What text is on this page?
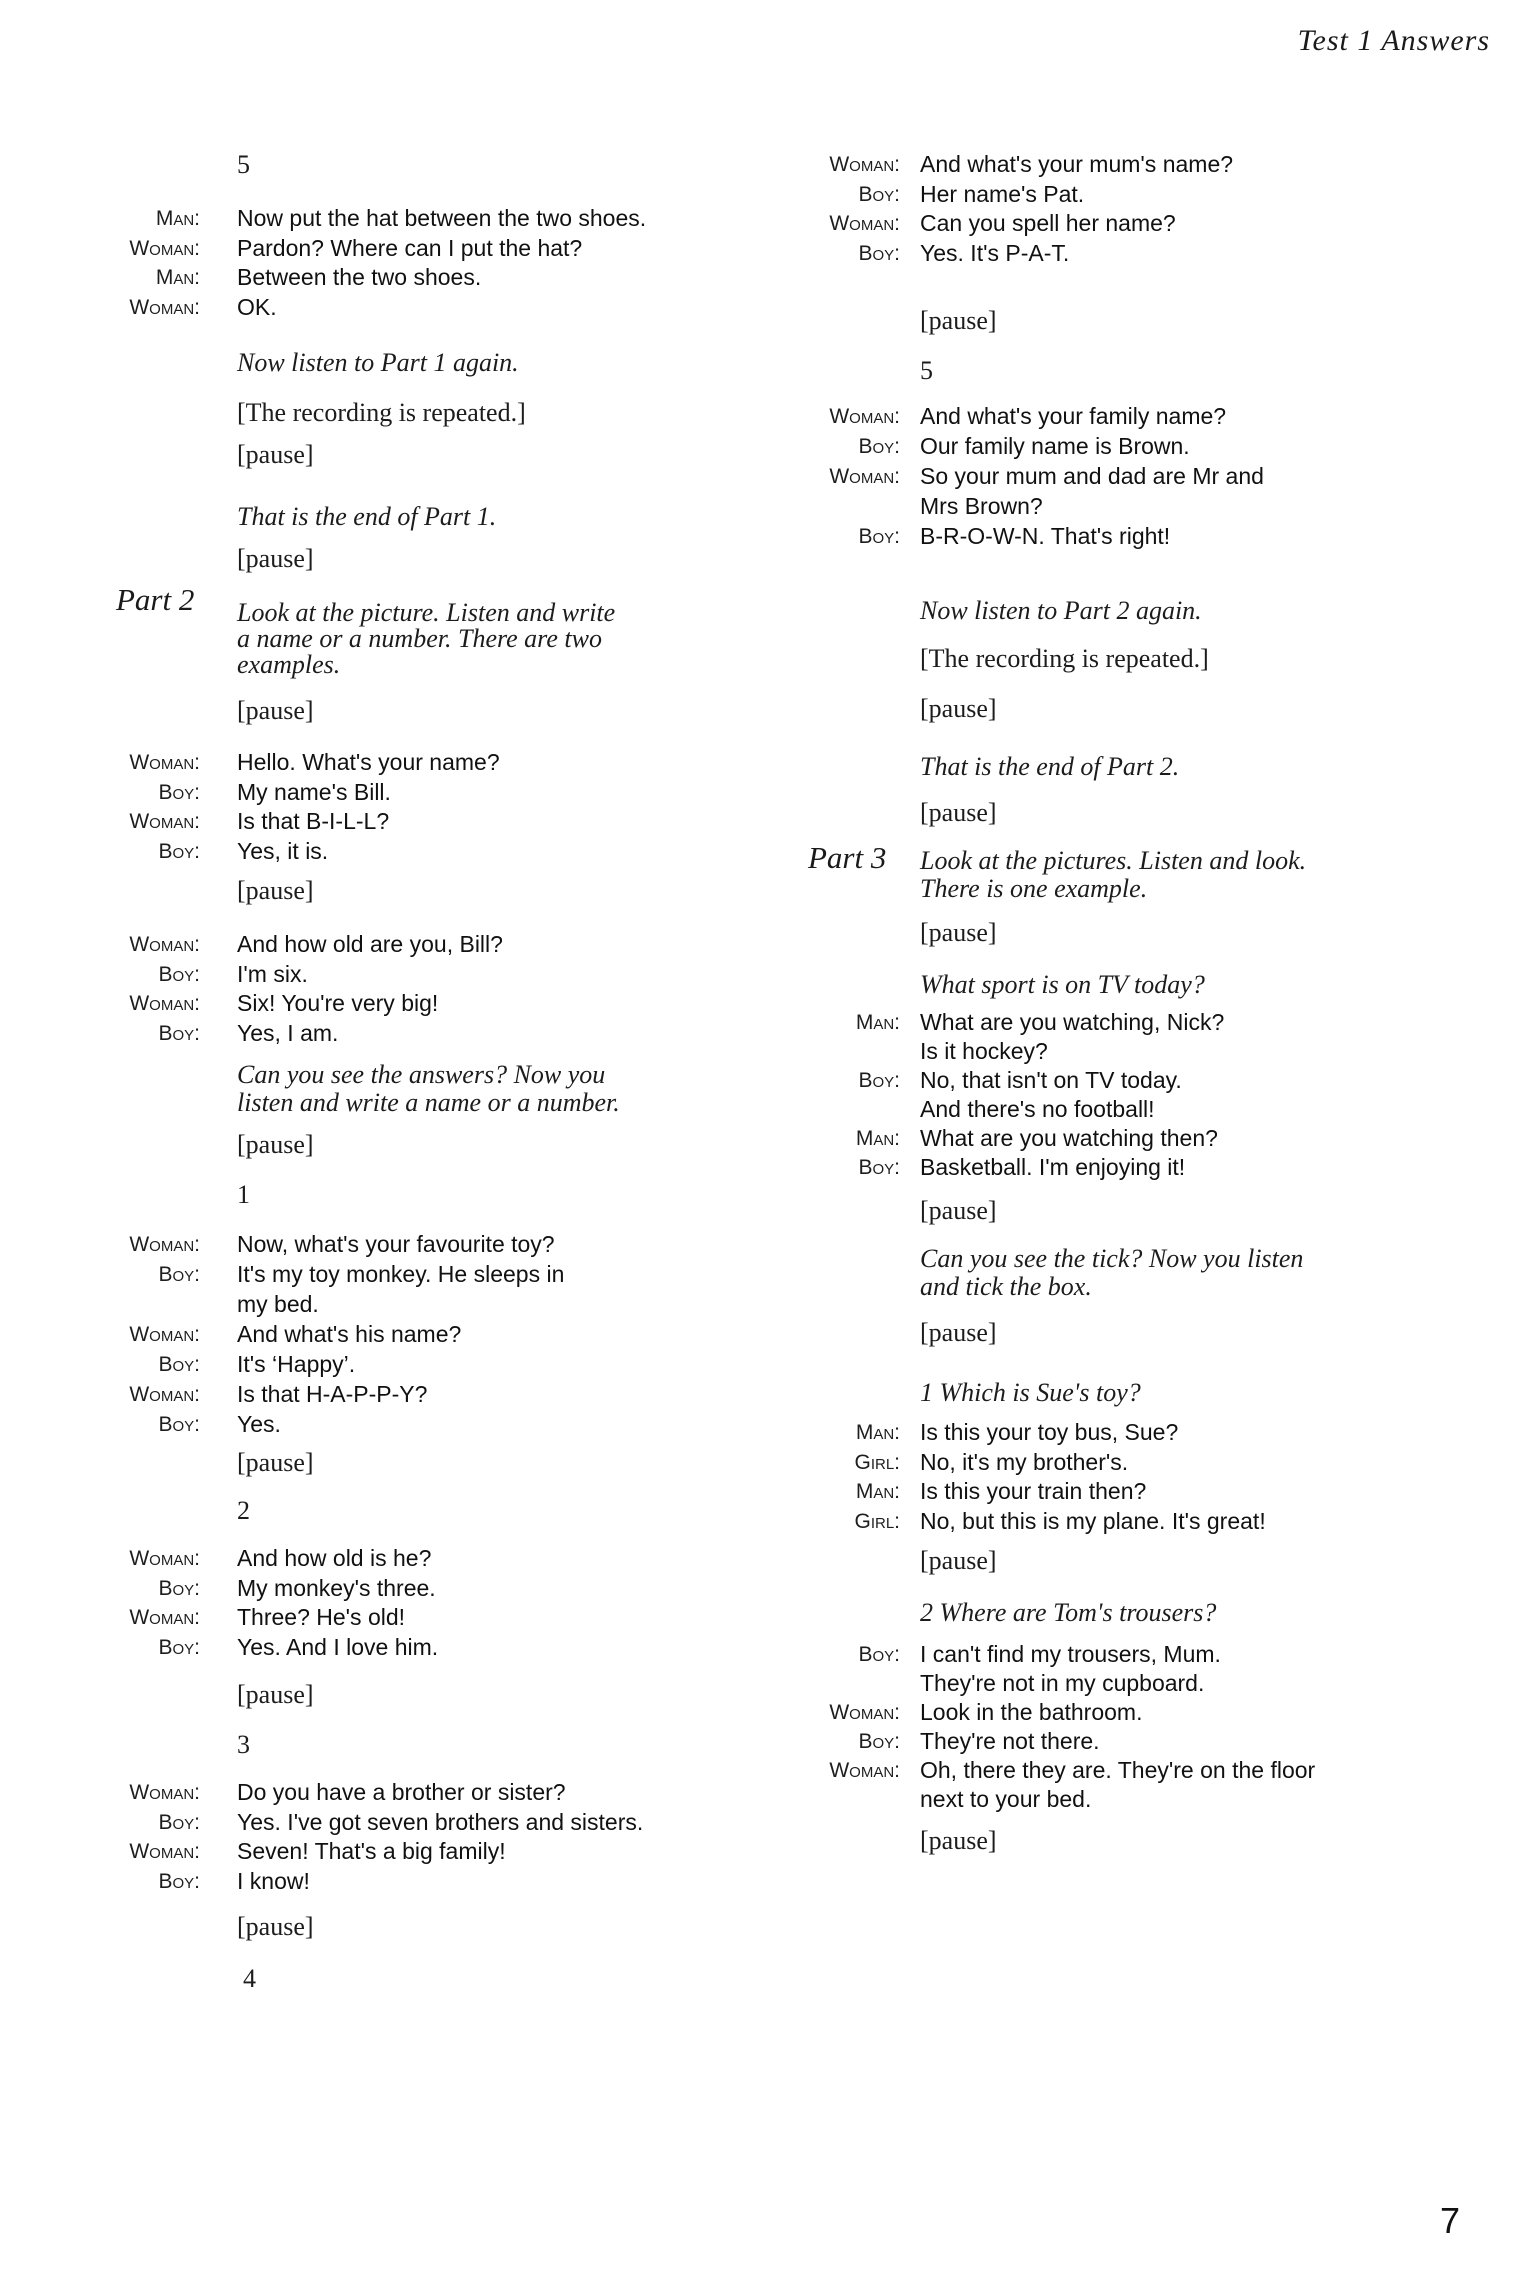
Test 1 Answers
5
Man: Now put the hat between the two shoes.
Woman: Pardon? Where can I put the hat?
Man: Between the two shoes.
Woman: OK.
Now listen to Part 1 again.
[The recording is repeated.]
[pause]
That is the end of Part 1.
[pause]
Part 2 Look at the picture. Listen and write
a name or a number. There are two
examples.
[pause]
Woman: Hello. What's your name?
Boy: My name's Bill.
Woman: Is that B-I-L-L?
Boy: Yes, it is.
[pause]
Woman: And how old are you, Bill?
Boy: I'm six.
Woman: Six! You're very big!
Boy: Yes, I am.
Can you see the answers? Now you
listen and write a name or a number.
[pause]
1
Woman: Now, what's your favourite toy?
Boy: It's my toy monkey. He sleeps in
my bed.
Woman: And what's his name?
Boy: It's ‘Happy’.
Woman: Is that H-A-P-P-Y?
Boy: Yes.
[pause]
2
Woman: And how old is he?
Boy: My monkey's three.
Woman: Three? He's old!
Boy: Yes. And I love him.
[pause]
3
Woman: Do you have a brother or sister?
Boy: Yes. I've got seven brothers and sisters.
Woman: Seven! That's a big family!
Boy: I know!
[pause]
4
Woman: And what's your mum's name?
Boy: Her name's Pat.
Woman: Can you spell her name?
Boy: Yes. It's P-A-T.
[pause]
5
Woman: And what's your family name?
Boy: Our family name is Brown.
Woman: So your mum and dad are Mr and
Mrs Brown?
Boy: B-R-O-W-N. That's right!
Now listen to Part 2 again.
[The recording is repeated.]
[pause]
That is the end of Part 2.
[pause]
Part 3 Look at the pictures. Listen and look.
There is one example.
[pause]
What sport is on TV today?
Man: What are you watching, Nick?
Is it hockey?
Boy: No, that isn't on TV today.
And there's no football!
Man: What are you watching then?
Boy: Basketball. I'm enjoying it!
[pause]
Can you see the tick? Now you listen
and tick the box.
[pause]
1 Which is Sue's toy?
Man: Is this your toy bus, Sue?
Girl: No, it's my brother's.
Man: Is this your train then?
Girl: No, but this is my plane. It's great!
[pause]
2 Where are Tom's trousers?
Boy: I can't find my trousers, Mum.
They're not in my cupboard.
Woman: Look in the bathroom.
Boy: They're not there.
Woman: Oh, there they are. They're on the floor
next to your bed.
[pause]
7
